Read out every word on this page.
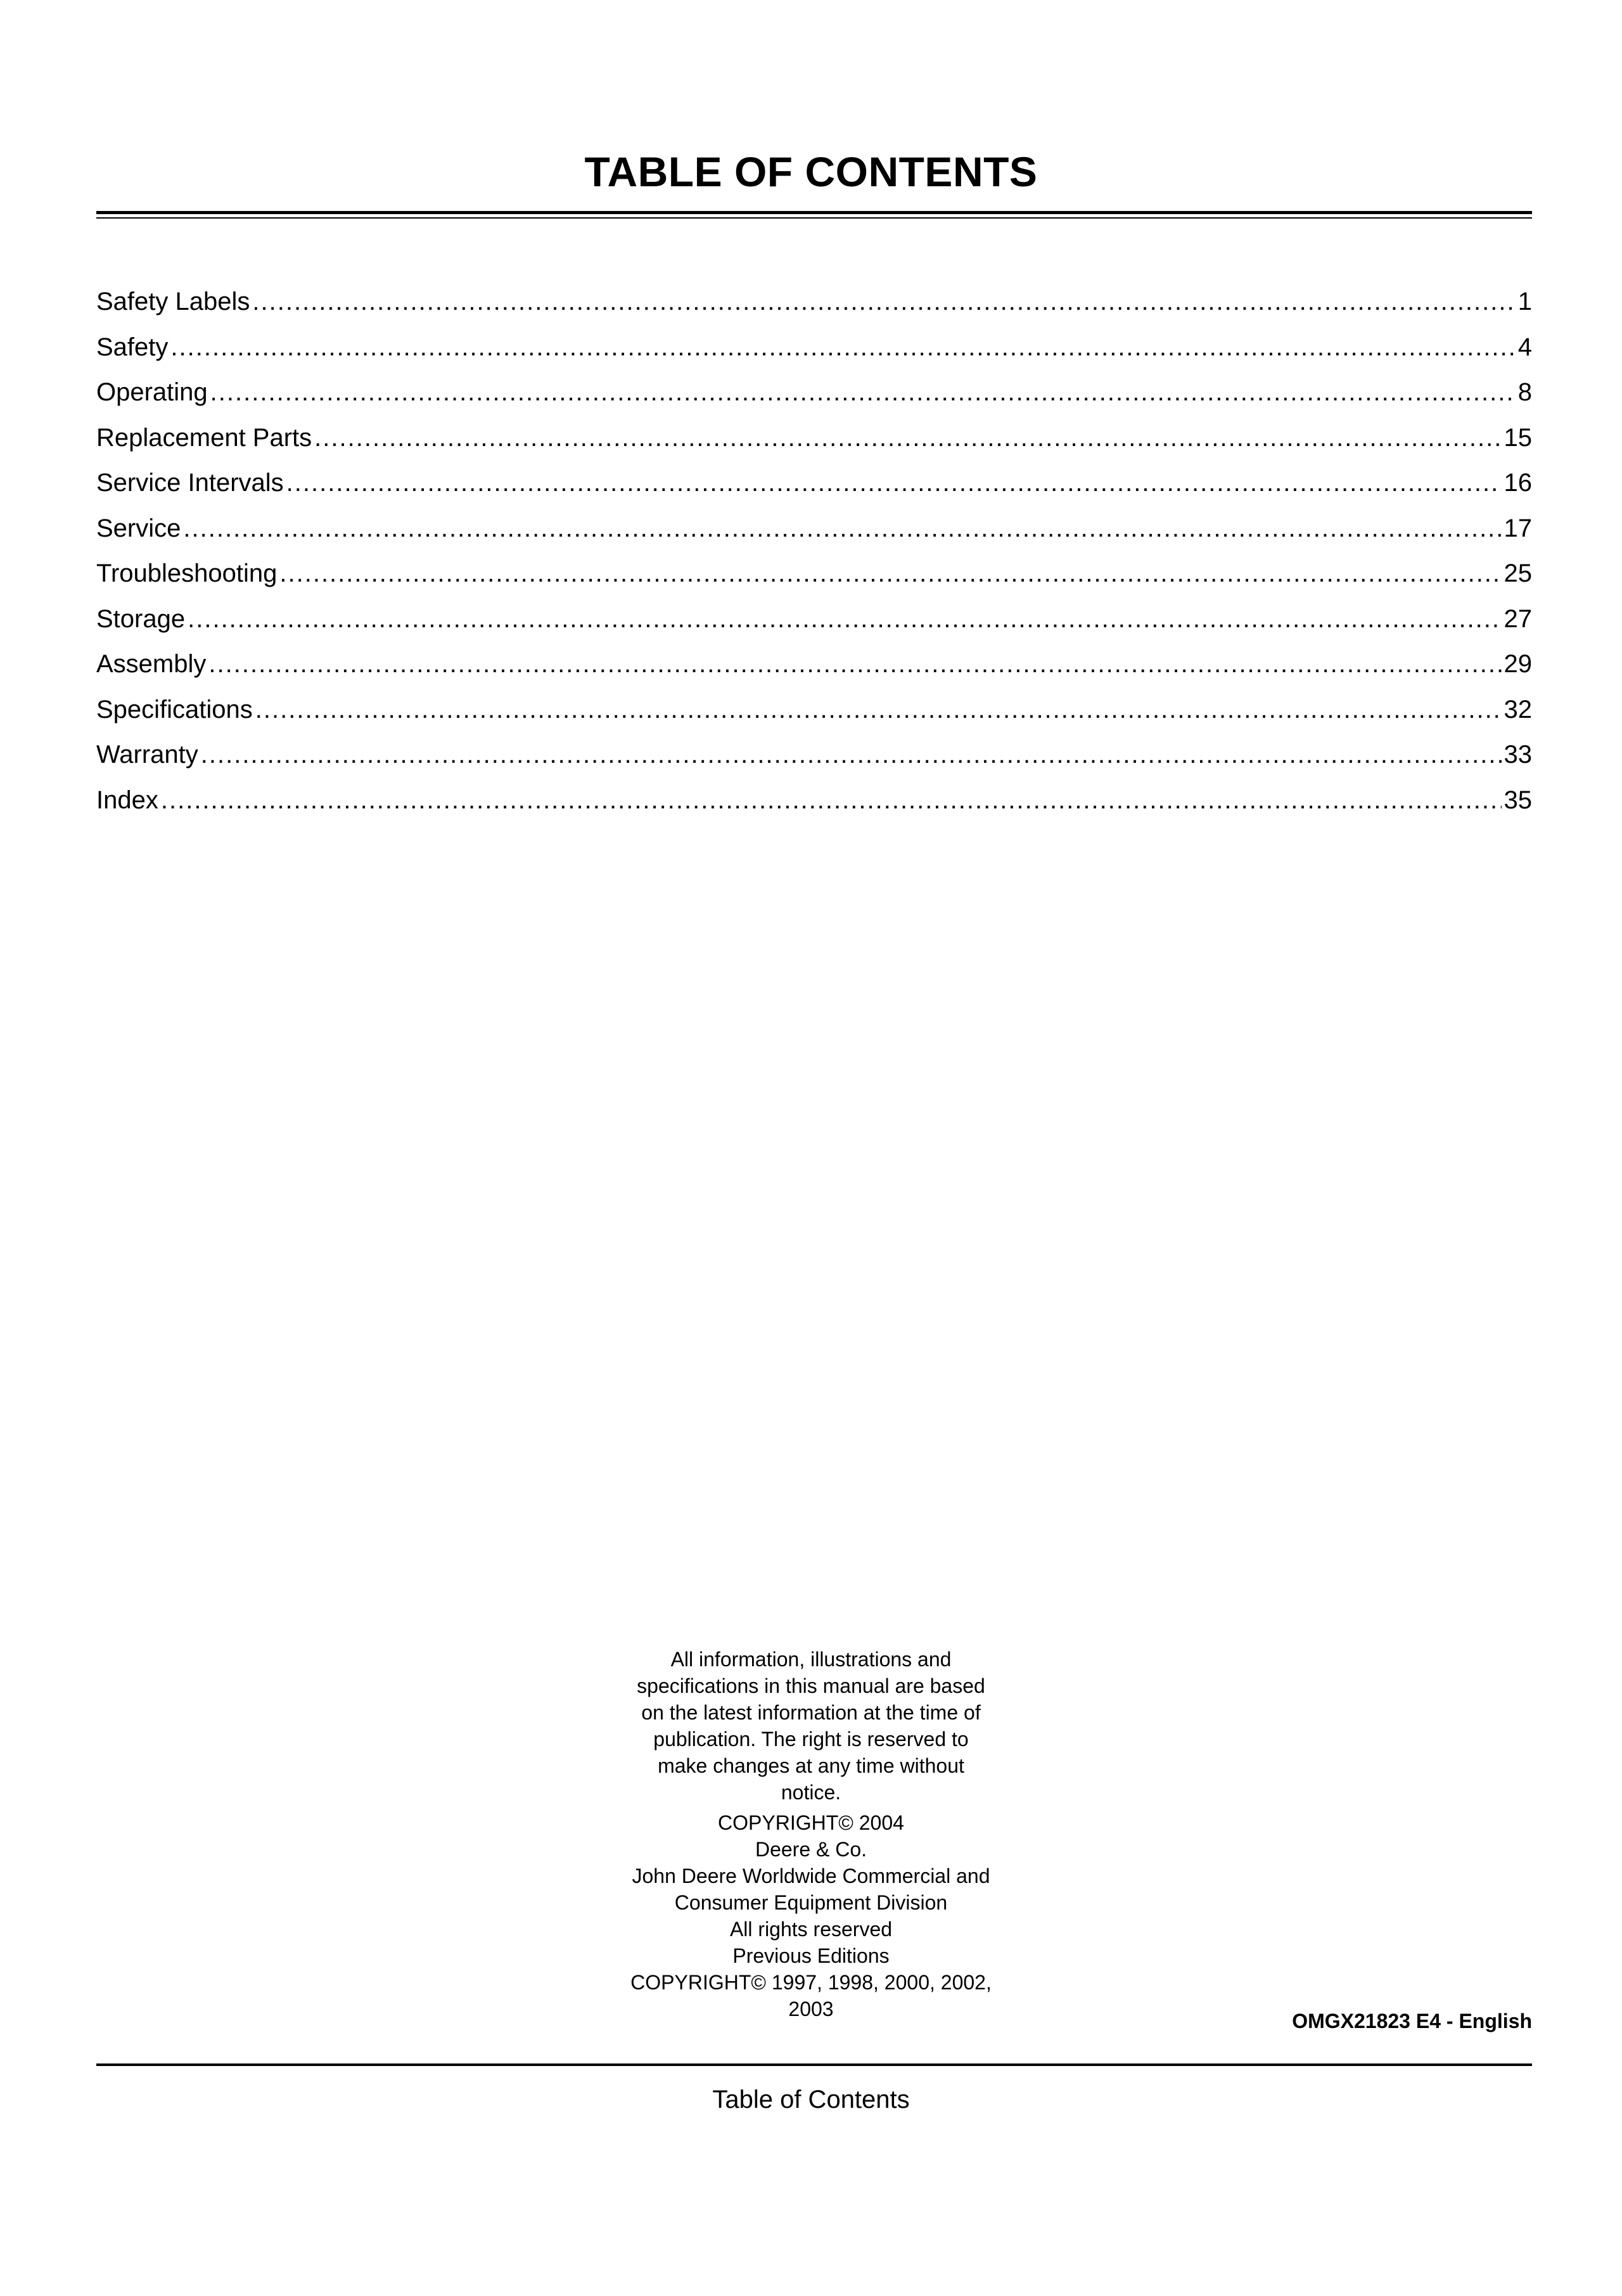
TABLE OF CONTENTS
Safety Labels .....	1
Safety .....	4
Operating .....	8
Replacement Parts .....	15
Service Intervals .....	16
Service .....	17
Troubleshooting .....	25
Storage .....	27
Assembly .....	29
Specifications .....	32
Warranty .....	33
Index .....	35

All information, illustrations and
specifications in this manual are based
on the latest information at the time of
publication. The right is reserved to
make changes at any time without
notice.

COPYRIGHT© 2004
Deere & Co.
John Deere Worldwide Commercial and
Consumer Equipment Division
All rights reserved
Previous Editions
COPYRIGHT© 1997, 1998, 2000, 2002,
2003
OMGX21823 E4 - English
Table of Contents
